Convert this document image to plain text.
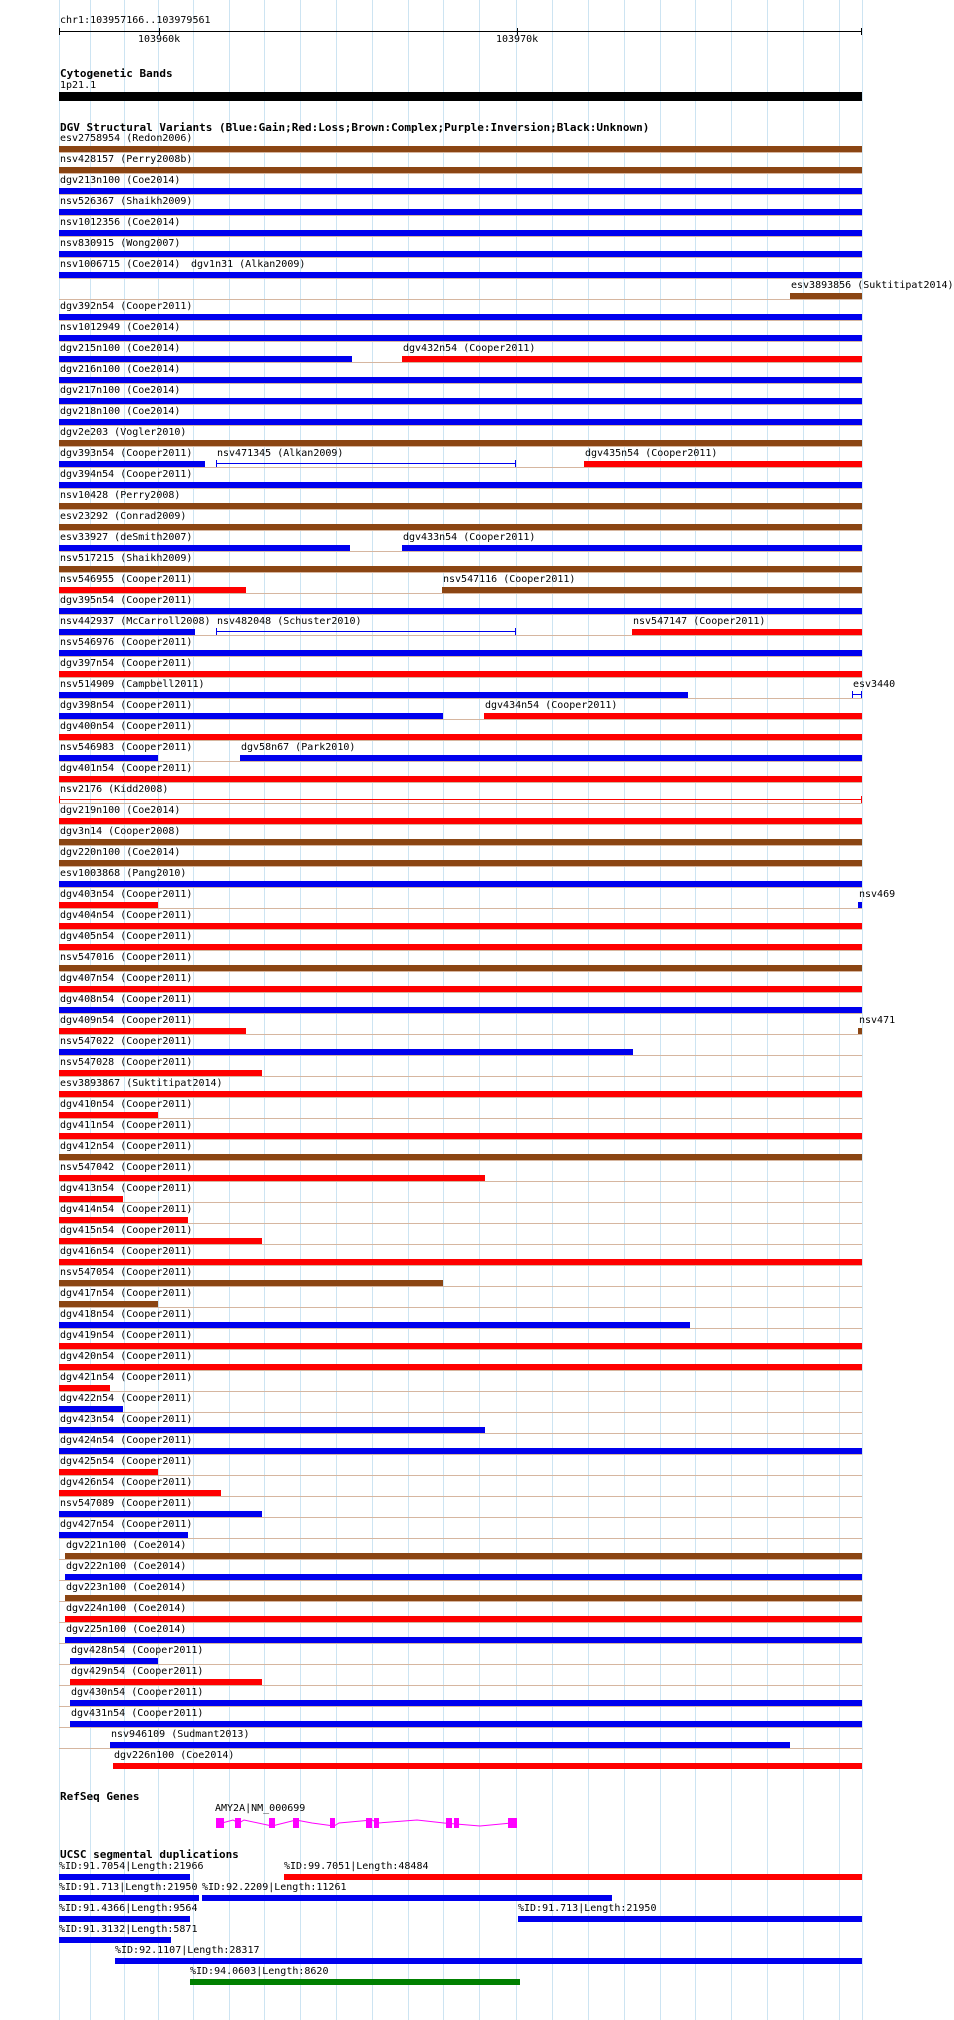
chr1:103957166..103979561
103960k	103970k
Cytogenetic Bands
1p21.1
DGV Structural Variants (Blue:Gain;Red:Loss;Brown:Complex;Purple:Inversion;Black:Unknown)
esv2758954 (Redon2006)
nsv428157 (Perry2008b)
dgv213n100 (Coe2014)
nsv526367 (Shaikh2009)
nsv1012356 (Coe2014)
nsv830915 (Wong2007)
nsv1006715 (Coe2014) dgv1n31 (Alkan2009)
esv3893856 (Suktitipat2014)
dgv392n54 (Cooper2011)
nsv1012949 (Coe2014)
dgv215n100 (Coe2014)	dgv432n54 (Cooper2011)
dgv216n100 (Coe2014)
dgv217n100 (Coe2014)
dgv218n100 (Coe2014)
dgv2e203 (Vogler2010)
dgv393n54 (Cooper2011) nsv471345 (Alkan2009)	dgv435n54 (Cooper2011)
dgv394n54 (Cooper2011)
nsv10428 (Perry2008)
esv23292 (Conrad2009)
esv33927 (deSmith2007)	dgv433n54 (Cooper2011)
nsv517215 (Shaikh2009)
nsv546955 (Cooper2011)	nsv547116 (Cooper2011)
dgv395n54 (Cooper2011)
nsv442937 (McCarroll2008) nsv482048 (Schuster2010)	nsv547147 (Cooper2011)
nsv546976 (Cooper2011)
dgv397n54 (Cooper2011)
nsv514909 (Campbell2011)	esv3440
dgv398n54 (Cooper2011)	dgv434n54 (Cooper2011)
dgv400n54 (Cooper2011)
nsv546983 (Cooper2011)	dgv58n67 (Park2010)
dgv401n54 (Cooper2011)
nsv2176 (Kidd2008)
dgv219n100 (Coe2014)
dgv3n14 (Cooper2008)
dgv220n100 (Coe2014)
esv1003868 (Pang2010)
dgv403n54 (Cooper2011)	nsv469
dgv404n54 (Cooper2011)
dgv405n54 (Cooper2011)
nsv547016 (Cooper2011)
dgv407n54 (Cooper2011)
dgv408n54 (Cooper2011)
dgv409n54 (Cooper2011)	nsv471
nsv547022 (Cooper2011)
nsv547028 (Cooper2011)
esv3893867 (Suktitipat2014)
dgv410n54 (Cooper2011)
dgv411n54 (Cooper2011)
dgv412n54 (Cooper2011)
nsv547042 (Cooper2011)
dgv413n54 (Cooper2011)
dgv414n54 (Cooper2011)
dgv415n54 (Cooper2011)
dgv416n54 (Cooper2011)
nsv547054 (Cooper2011)
dgv417n54 (Cooper2011)
dgv418n54 (Cooper2011)
dgv419n54 (Cooper2011)
dgv420n54 (Cooper2011)
dgv421n54 (Cooper2011)
dgv422n54 (Cooper2011)
dgv423n54 (Cooper2011)
dgv424n54 (Cooper2011)
dgv425n54 (Cooper2011)
dgv426n54 (Cooper2011)
nsv547089 (Cooper2011)
dgv427n54 (Cooper2011)
dgv221n100 (Coe2014)
dgv222n100 (Coe2014)
dgv223n100 (Coe2014)
dgv224n100 (Coe2014)
dgv225n100 (Coe2014)
dgv428n54 (Cooper2011)
dgv429n54 (Cooper2011)
dgv430n54 (Cooper2011)
dgv431n54 (Cooper2011)
nsv946109 (Sudmant2013)
dgv226n100 (Coe2014)
RefSeq Genes
AMY2A|NM_000699
UCSC segmental duplications
%ID:91.7054|Length:21966	%ID:99.7051|Length:48484
%ID:91.713|Length:21950 %ID:92.2209|Length:11261
%ID:91.4366|Length:9564	%ID:91.713|Length:21950
%ID:91.3132|Length:5871
%ID:92.1107|Length:28317
%ID:94.0603|Length:8620
